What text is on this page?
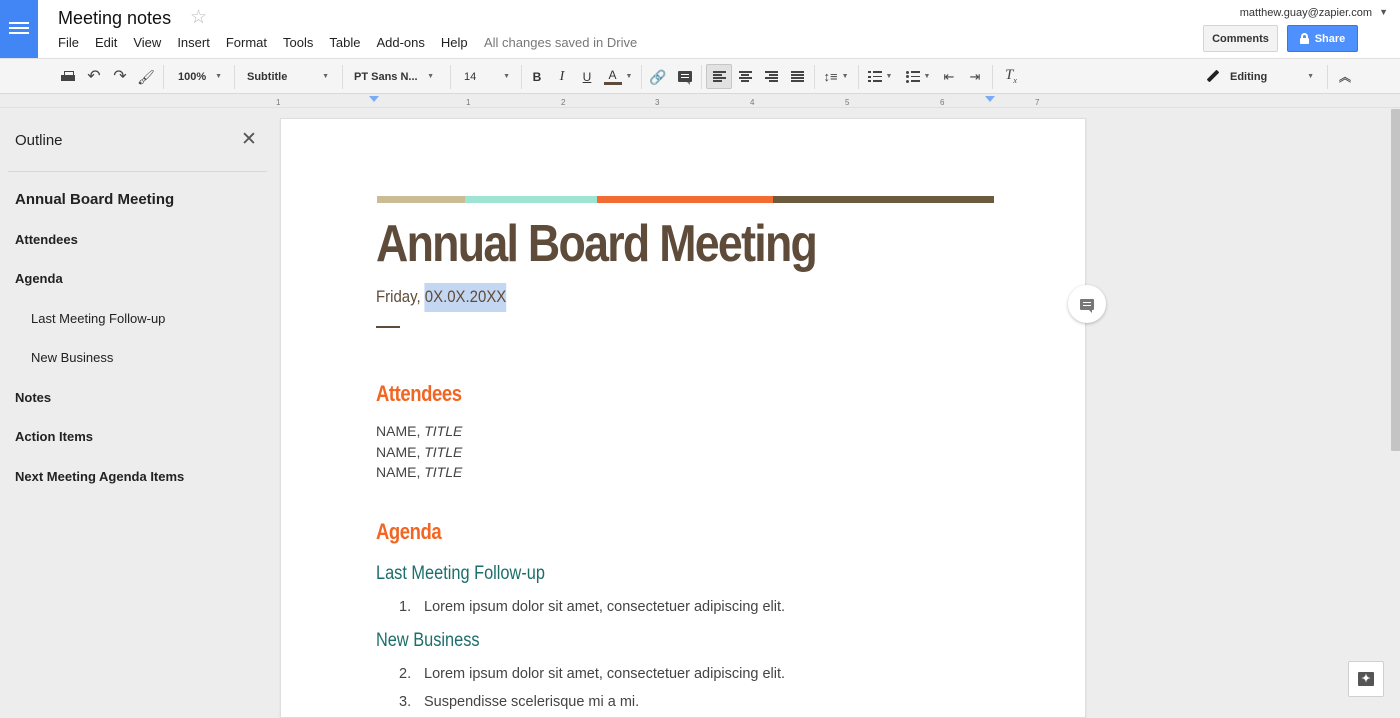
Meeting notes ☆
File Edit View Insert Format Tools Table Add-ons Help All changes saved in Drive
matthew.guay@zapier.com ▼
Comments	Share
↶ ↷ 🖌 100% ▼ Subtitle	▼ PT Sans N... ▼	14	▼ B I U A ▼ 🔗	↕≡ ▼	▼	▼ ⇤ ⇥ $T_x$	Editing	▼ ︽
1	1	2	3	4	5	6	7
Outline	✕
Annual Board Meeting
Attendees
Agenda
Last Meeting Follow-up
New Business
Notes
Action Items
Next Meeting Agenda Items
Annual Board Meeting
Friday, 0X.0X.20XX
Attendees
NAME, TITLE
NAME, TITLE
NAME, TITLE
Agenda
Last Meeting Follow-up
1. Lorem ipsum dolor sit amet, consectetuer adipiscing elit.
New Business
2. Lorem ipsum dolor sit amet, consectetuer adipiscing elit.
3. Suspendisse scelerisque mi a mi.
✦
